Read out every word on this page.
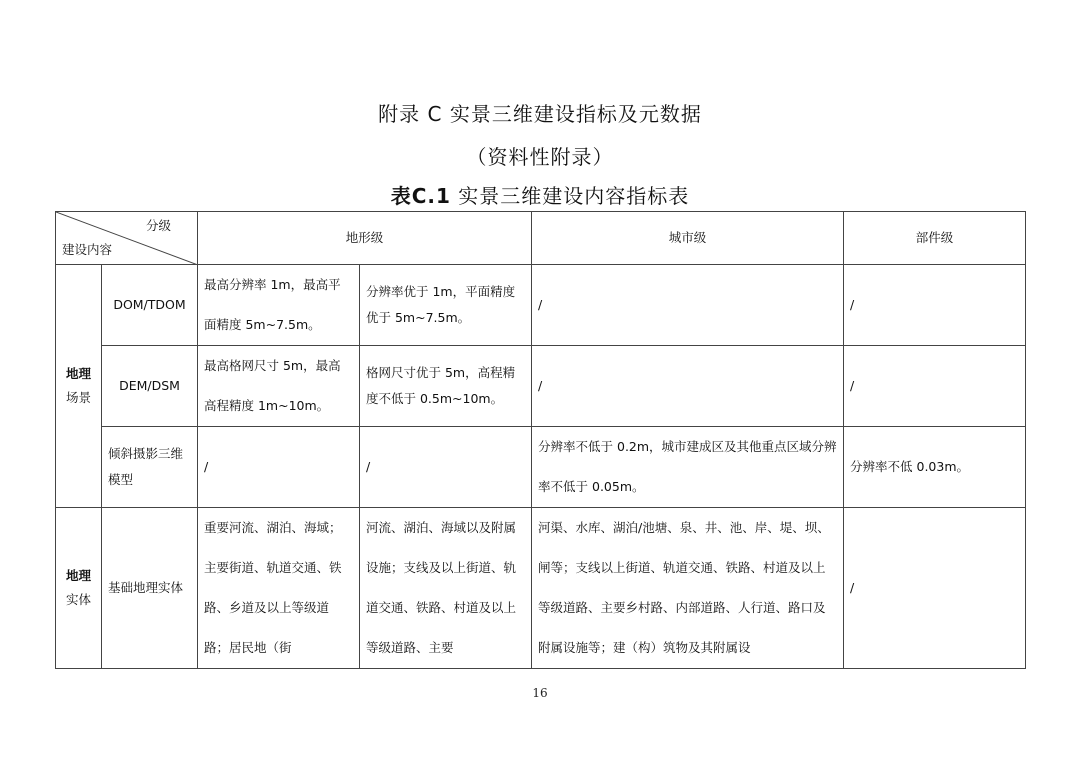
附录 C 实景三维建设指标及元数据
（资料性附录）
表C.1 实景三维建设内容指标表
分级
建设内容		地形级		城市级	部件级

地理
场景	DOM/TDOM	最高分辨率 1m，最高平面精度 5m~7.5m。	分辨率优于 1m，平面精度优于 5m~7.5m。	/	/
	DEM/DSM	最高格网尺寸 5m，最高高程精度 1m~10m。	格网尺寸优于 5m，高程精度不低于 0.5m~10m。	/	/
	倾斜摄影三维模型	/	/	分辨率不低于 0.2m，城市建成区及其他重点区域分辨率不低于 0.05m。	分辨率不低 0.03m。

地理
实体	基础地理实体	重要河流、湖泊、海域；主要街道、轨道交通、铁路、乡道及以上等级道路；居民地（街	河流、湖泊、海域以及附属设施；支线及以上街道、轨道交通、铁路、村道及以上等级道路、主要	河渠、水库、湖泊/池塘、泉、井、池、岸、堤、坝、闸等；支线以上街道、轨道交通、铁路、村道及以上等级道路、主要乡村路、内部道路、人行道、路口及附属设施等；建（构）筑物及其附属设	/
16
